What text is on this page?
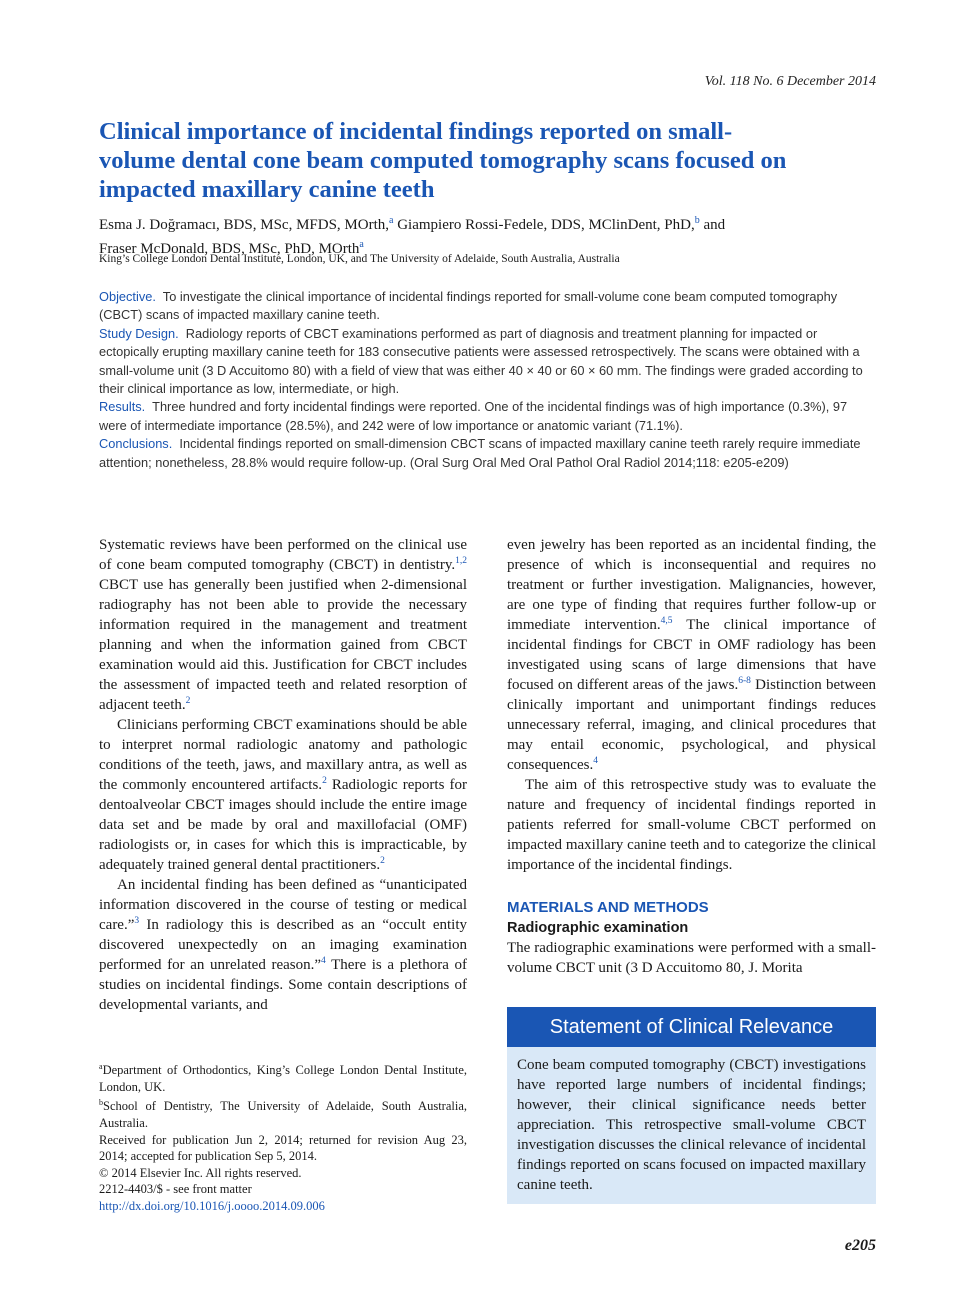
Vol. 118 No. 6 December 2014
Clinical importance of incidental findings reported on small-volume dental cone beam computed tomography scans focused on impacted maxillary canine teeth
Esma J. Doğramacı, BDS, MSc, MFDS, MOrth,$^a$ Giampiero Rossi-Fedele, DDS, MClinDent, PhD,$^b$ and
Fraser McDonald, BDS, MSc, PhD, MOrth$^a$
King’s College London Dental Institute, London, UK, and The University of Adelaide, South Australia, Australia
Objective. To investigate the clinical importance of incidental findings reported for small-volume cone beam computed tomography (CBCT) scans of impacted maxillary canine teeth.
Study Design. Radiology reports of CBCT examinations performed as part of diagnosis and treatment planning for impacted or ectopically erupting maxillary canine teeth for 183 consecutive patients were assessed retrospectively. The scans were obtained with a small-volume unit (3 D Accuitomo 80) with a field of view that was either 40 × 40 or 60 × 60 mm. The findings were graded according to their clinical importance as low, intermediate, or high.
Results. Three hundred and forty incidental findings were reported. One of the incidental findings was of high importance (0.3%), 97 were of intermediate importance (28.5%), and 242 were of low importance or anatomic variant (71.1%).
Conclusions. Incidental findings reported on small-dimension CBCT scans of impacted maxillary canine teeth rarely require immediate attention; nonetheless, 28.8% would require follow-up. (Oral Surg Oral Med Oral Pathol Oral Radiol 2014;118: e205-e209)

Systematic reviews have been performed on the clinical use of cone beam computed tomography (CBCT) in dentistry.$^{1,2}$ CBCT use has generally been justified when 2-dimensional radiography has not been able to provide the necessary information required in the management and treatment planning and when the information gained from CBCT examination would aid this. Justification for CBCT includes the assessment of impacted teeth and related resorption of adjacent teeth.$^2$

Clinicians performing CBCT examinations should be able to interpret normal radiologic anatomy and pathologic conditions of the teeth, jaws, and maxillary antra, as well as the commonly encountered artifacts.$^2$ Radiologic reports for dentoalveolar CBCT images should include the entire image data set and be made by oral and maxillofacial (OMF) radiologists or, in cases for which this is impracticable, by adequately trained general dental practitioners.$^2$

An incidental finding has been defined as “unanticipated information discovered in the course of testing or medical care.”$^3$ In radiology this is described as an “occult entity discovered unexpectedly on an imaging examination performed for an unrelated reason.”$^4$ There is a plethora of studies on incidental findings. Some contain descriptions of developmental variants, and

even jewelry has been reported as an incidental finding, the presence of which is inconsequential and requires no treatment or further investigation. Malignancies, however, are one type of finding that requires further follow-up or immediate intervention.$^{4,5}$ The clinical importance of incidental findings for CBCT in OMF radiology has been investigated using scans of large dimensions that have focused on different areas of the jaws.$^{6-8}$ Distinction between clinically important and unimportant findings reduces unnecessary referral, imaging, and clinical procedures that may entail economic, psychological, and physical consequences.$^4$

The aim of this retrospective study was to evaluate the nature and frequency of incidental findings reported in patients referred for small-volume CBCT performed on impacted maxillary canine teeth and to categorize the clinical importance of the incidental findings.

MATERIALS AND METHODS
Radiographic examination

The radiographic examinations were performed with a small-volume CBCT unit (3 D Accuitomo 80, J. Morita

$^a$Department of Orthodontics, King’s College London Dental Institute, London, UK.

$^b$School of Dentistry, The University of Adelaide, South Australia, Australia.

Received for publication Jun 2, 2014; returned for revision Aug 23, 2014; accepted for publication Sep 5, 2014.

© 2014 Elsevier Inc. All rights reserved.

2212-4403/$ - see front matter

http://dx.doi.org/10.1016/j.oooo.2014.09.006

Statement of Clinical Relevance
Cone beam computed tomography (CBCT) investigations have reported large numbers of incidental findings; however, their clinical significance needs better appreciation. This retrospective small-volume CBCT investigation discusses the clinical relevance of incidental findings reported on scans focused on impacted maxillary canine teeth.
e205
